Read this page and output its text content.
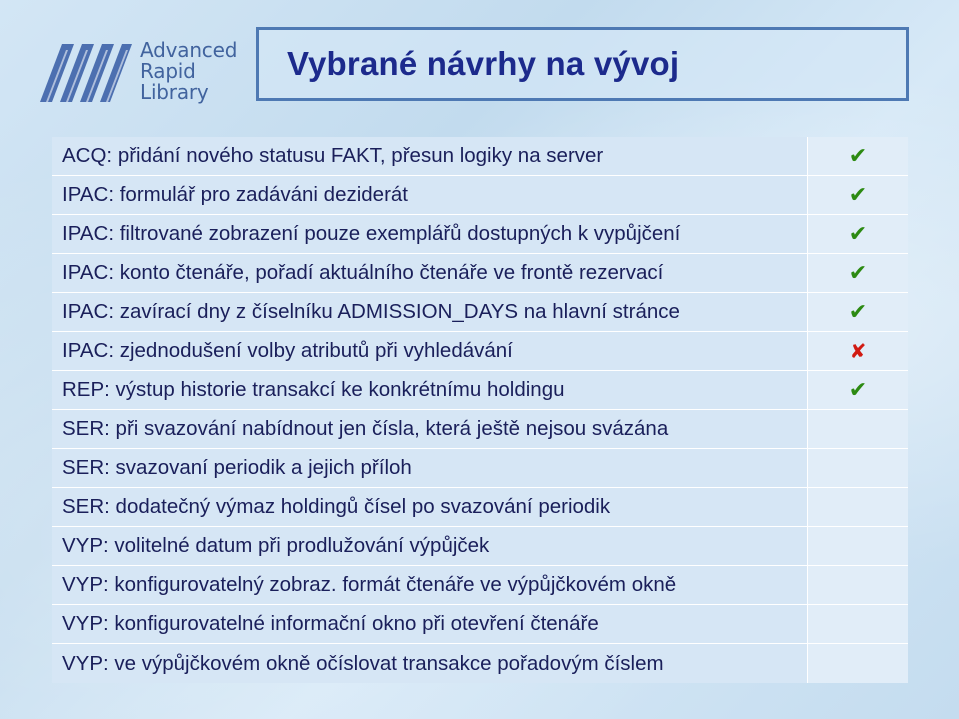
Advanced
Rapid
Library
Vybrané návrhy na vývoj
ACQ: přidání nového statusu FAKT, přesun logiky na server	✔
IPAC: formulář pro zadáváni deziderát	✔
IPAC: filtrované zobrazení pouze exemplářů dostupných k vypůjčení	✔
IPAC: konto čtenáře, pořadí aktuálního čtenáře ve frontě rezervací	✔
IPAC: zavírací dny z číselníku ADMISSION_DAYS na hlavní stránce	✔
IPAC: zjednodušení volby atributů při vyhledávání	✘
REP: výstup historie transakcí ke konkrétnímu holdingu	✔
SER: při svazování nabídnout jen čísla, která ještě nejsou svázána
SER: svazovaní periodik a jejich příloh
SER: dodatečný výmaz holdingů čísel po svazování periodik
VYP: volitelné datum při prodlužování výpůjček
VYP: konfigurovatelný zobraz. formát čtenáře ve výpůjčkovém okně
VYP: konfigurovatelné informační okno při otevření čtenáře
VYP: ve výpůjčkovém okně očíslovat transakce pořadovým číslem
